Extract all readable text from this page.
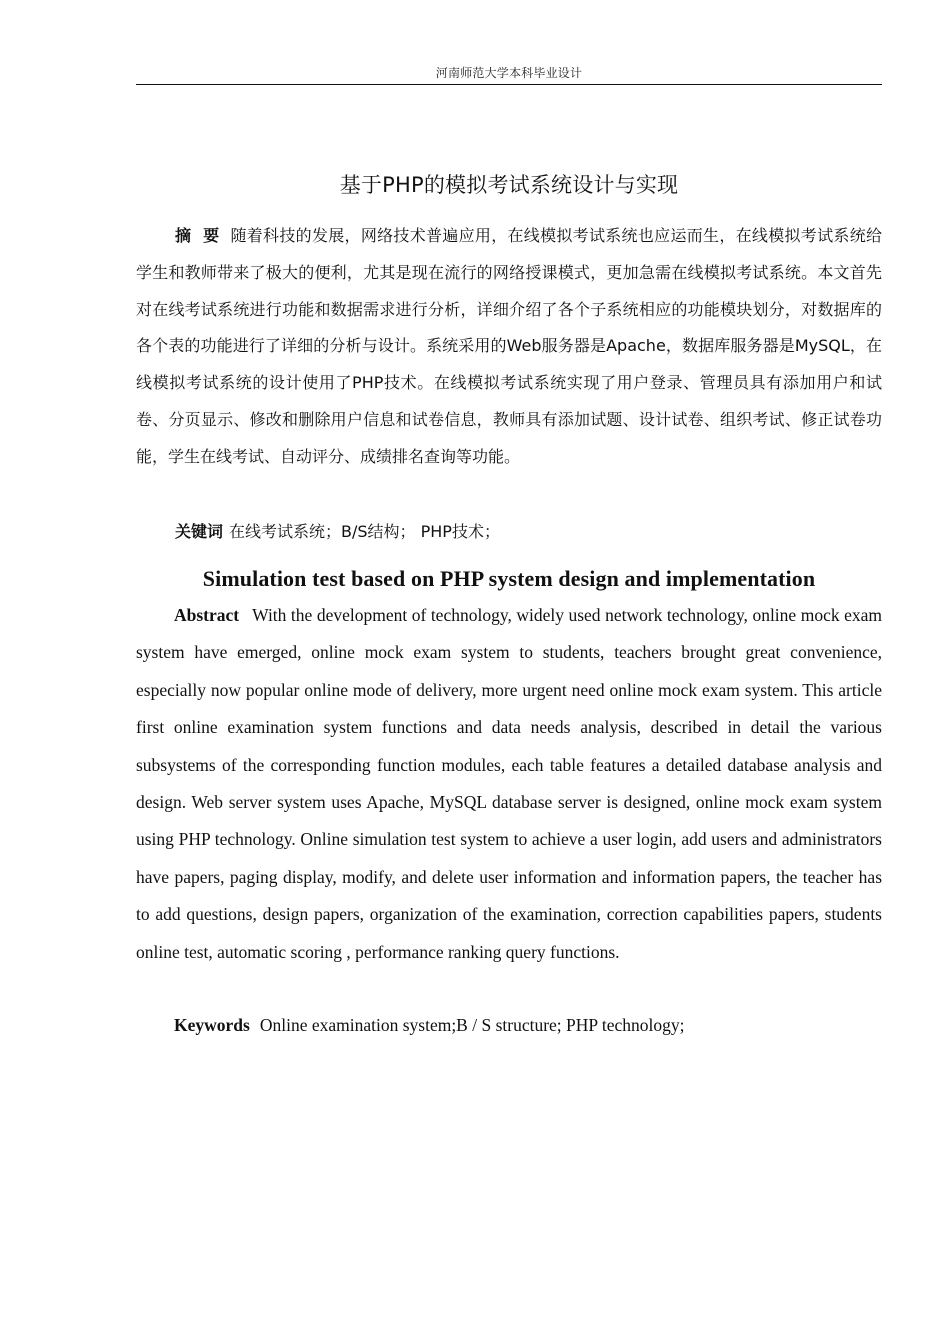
河南师范大学本科毕业设计
基于PHP的模拟考试系统设计与实现
摘 要 随着科技的发展，网络技术普遍应用，在线模拟考试系统也应运而生，在线模拟考试系统给学生和教师带来了极大的便利，尤其是现在流行的网络授课模式，更加急需在线模拟考试系统。本文首先对在线考试系统进行功能和数据需求进行分析，详细介绍了各个子系统相应的功能模块划分，对数据库的各个表的功能进行了详细的分析与设计。系统采用的Web服务器是Apache，数据库服务器是MySQL，在线模拟考试系统的设计使用了PHP技术。在线模拟考试系统实现了用户登录、管理员具有添加用户和试卷、分页显示、修改和删除用户信息和试卷信息，教师具有添加试题、设计试卷、组织考试、修正试卷功能，学生在线考试、自动评分、成绩排名查询等功能。
关键词 在线考试系统；B/S结构； PHP技术；
Simulation test based on PHP system design and implementation
Abstract With the development of technology, widely used network technology, online mock exam system have emerged, online mock exam system to students, teachers brought great convenience, especially now popular online mode of delivery, more urgent need online mock exam system. This article first online examination system functions and data needs analysis, described in detail the various subsystems of the corresponding function modules, each table features a detailed database analysis and design. Web server system uses Apache, MySQL database server is designed, online mock exam system using PHP technology. Online simulation test system to achieve a user login, add users and administrators have papers, paging display, modify, and delete user information and information papers, the teacher has to add questions, design papers, organization of the examination, correction capabilities papers, students online test, automatic scoring , performance ranking query functions.
Keywords Online examination system;B / S structure; PHP technology;
